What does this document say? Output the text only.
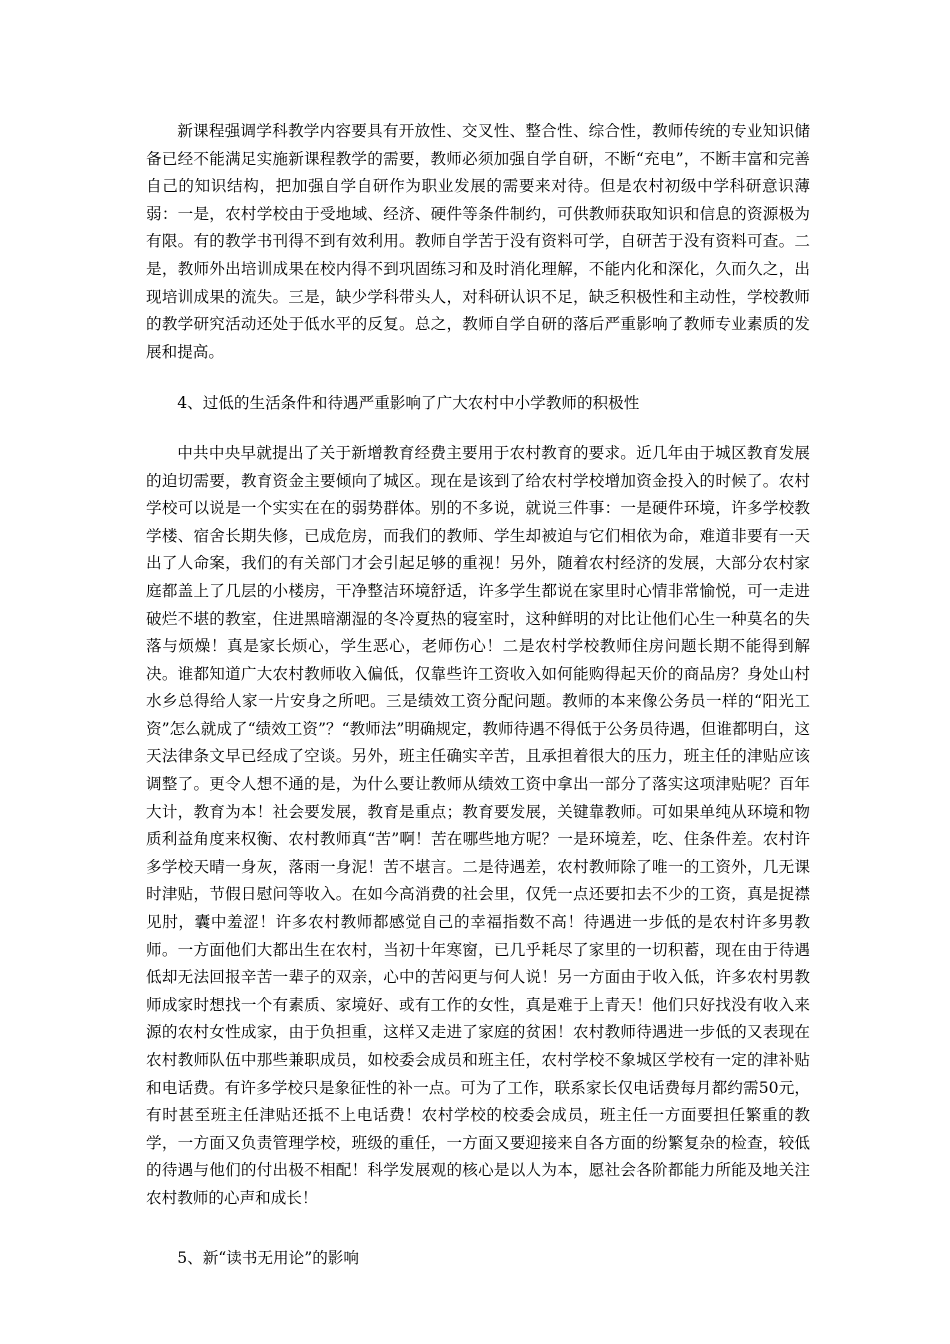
新课程强调学科教学内容要具有开放性、交叉性、整合性、综合性，教师传统的专业知识储备已经不能满足实施新课程教学的需要，教师必须加强自学自研，不断“充电”，不断丰富和完善自己的知识结构，把加强自学自研作为职业发展的需要来对待。但是农村初级中学科研意识薄弱：一是，农村学校由于受地域、经济、硬件等条件制约，可供教师获取知识和信息的资源极为有限。有的教学书刊得不到有效利用。教师自学苦于没有资料可学，自研苦于没有资料可查。二是，教师外出培训成果在校内得不到巩固练习和及时消化理解，不能内化和深化，久而久之，出现培训成果的流失。三是，缺少学科带头人，对科研认识不足，缺乏积极性和主动性，学校教师的教学研究活动还处于低水平的反复。总之，教师自学自研的落后严重影响了教师专业素质的发展和提高。

4、过低的生活条件和待遇严重影响了广大农村中小学教师的积极性

中共中央早就提出了关于新增教育经费主要用于农村教育的要求。近几年由于城区教育发展的迫切需要，教育资金主要倾向了城区。现在是该到了给农村学校增加资金投入的时候了。农村学校可以说是一个实实在在的弱势群体。别的不多说，就说三件事：一是硬件环境，许多学校教学楼、宿舍长期失修，已成危房，而我们的教师、学生却被迫与它们相依为命，难道非要有一天出了人命案，我们的有关部门才会引起足够的重视！另外，随着农村经济的发展，大部分农村家庭都盖上了几层的小楼房，干净整洁环境舒适，许多学生都说在家里时心情非常愉悦，可一走进破烂不堪的教室，住进黑暗潮湿的冬冷夏热的寝室时，这种鲜明的对比让他们心生一种莫名的失落与烦燥！真是家长烦心，学生恶心，老师伤心！二是农村学校教师住房问题长期不能得到解决。谁都知道广大农村教师收入偏低，仅靠些许工资收入如何能购得起天价的商品房？身处山村水乡总得给人家一片安身之所吧。三是绩效工资分配问题。教师的本来像公务员一样的“阳光工资”怎么就成了“绩效工资”？“教师法”明确规定，教师待遇不得低于公务员待遇，但谁都明白，这天法律条文早已经成了空谈。另外，班主任确实辛苦，且承担着很大的压力，班主任的津贴应该调整了。更令人想不通的是，为什么要让教师从绩效工资中拿出一部分了落实这项津贴呢？百年大计，教育为本！社会要发展，教育是重点；教育要发展，关键靠教师。可如果单纯从环境和物质利益角度来权衡、农村教师真“苦”啊！苦在哪些地方呢？一是环境差，吃、住条件差。农村许多学校天晴一身灰，落雨一身泥！苦不堪言。二是待遇差，农村教师除了唯一的工资外，几无课时津贴，节假日慰问等收入。在如今高消费的社会里，仅凭一点还要扣去不少的工资，真是捉襟见肘，囊中羞涩！许多农村教师都感觉自己的幸福指数不高！待遇进一步低的是农村许多男教师。一方面他们大都出生在农村，当初十年寒窗，已几乎耗尽了家里的一切积蓄，现在由于待遇低却无法回报辛苦一辈子的双亲，心中的苦闷更与何人说！另一方面由于收入低，许多农村男教师成家时想找一个有素质、家境好、或有工作的女性，真是难于上青天！他们只好找没有收入来源的农村女性成家，由于负担重，这样又走进了家庭的贫困！农村教师待遇进一步低的又表现在农村教师队伍中那些兼职成员，如校委会成员和班主任，农村学校不象城区学校有一定的津补贴和电话费。有许多学校只是象征性的补一点。可为了工作，联系家长仅电话费每月都约需50元，有时甚至班主任津贴还抵不上电话费！农村学校的校委会成员，班主任一方面要担任繁重的教学，一方面又负责管理学校，班级的重任，一方面又要迎接来自各方面的纷繁复杂的检查，较低的待遇与他们的付出极不相配！科学发展观的核心是以人为本，愿社会各阶都能力所能及地关注农村教师的心声和成长！

5、新“读书无用论”的影响
